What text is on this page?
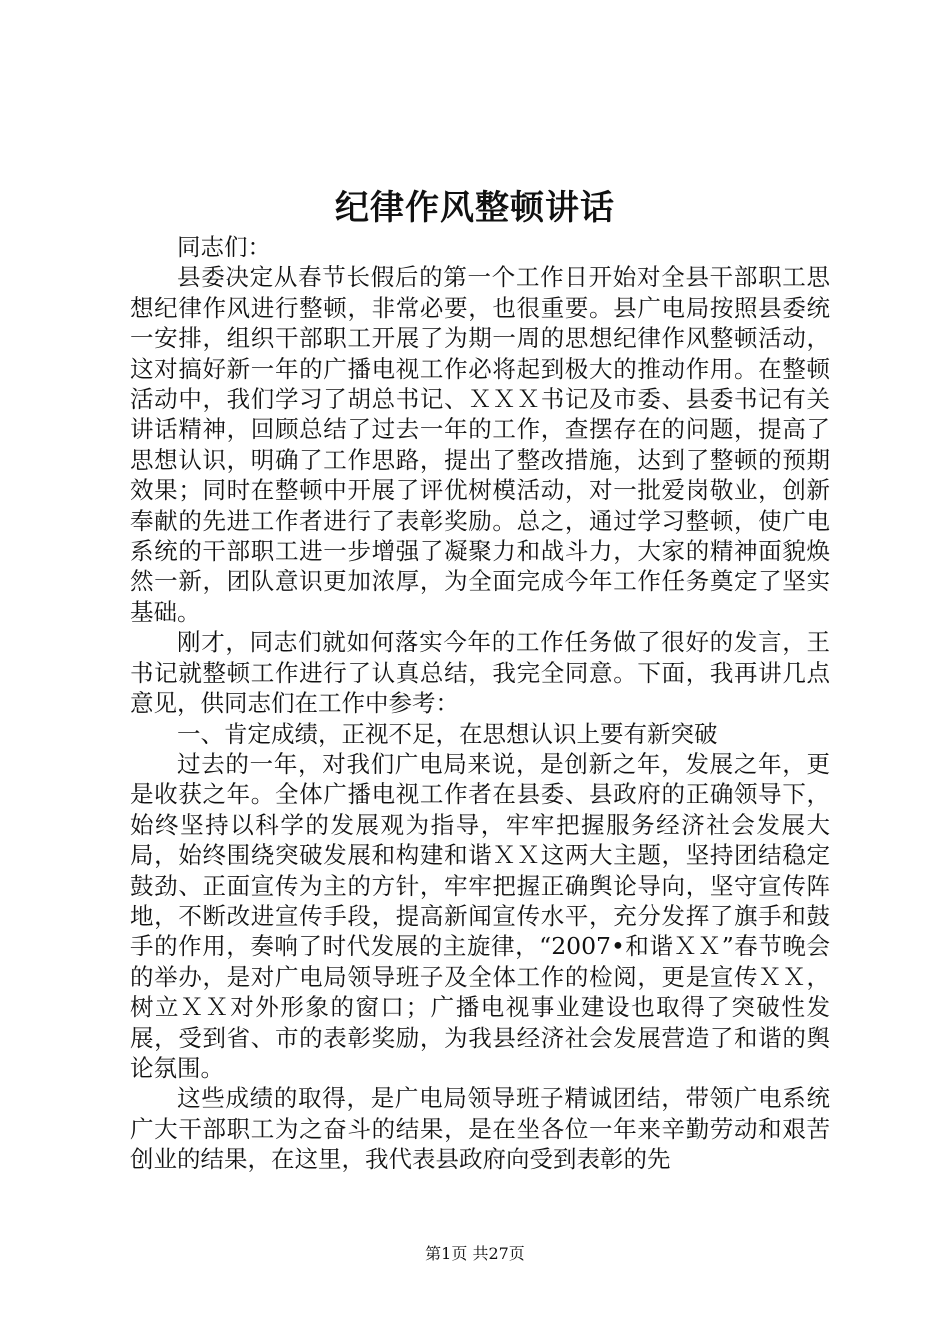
纪律作风整顿讲话

同志们：

县委决定从春节长假后的第一个工作日开始对全县干部职工思想纪律作风进行整顿，非常必要，也很重要。县广电局按照县委统一安排，组织干部职工开展了为期一周的思想纪律作风整顿活动，这对搞好新一年的广播电视工作必将起到极大的推动作用。在整顿活动中，我们学习了胡总书记、ＸＸＸ书记及市委、县委书记有关讲话精神，回顾总结了过去一年的工作，查摆存在的问题，提高了思想认识，明确了工作思路，提出了整改措施，达到了整顿的预期效果；同时在整顿中开展了评优树模活动，对一批爱岗敬业，创新奉献的先进工作者进行了表彰奖励。总之，通过学习整顿，使广电系统的干部职工进一步增强了凝聚力和战斗力，大家的精神面貌焕然一新，团队意识更加浓厚，为全面完成今年工作任务奠定了坚实基础。

刚才，同志们就如何落实今年的工作任务做了很好的发言，王书记就整顿工作进行了认真总结，我完全同意。下面，我再讲几点意见，供同志们在工作中参考：

一、肯定成绩，正视不足，在思想认识上要有新突破

过去的一年，对我们广电局来说，是创新之年，发展之年，更是收获之年。全体广播电视工作者在县委、县政府的正确领导下，始终坚持以科学的发展观为指导，牢牢把握服务经济社会发展大局，始终围绕突破发展和构建和谐ＸＸ这两大主题，坚持团结稳定鼓劲、正面宣传为主的方针，牢牢把握正确舆论导向，坚守宣传阵地，不断改进宣传手段，提高新闻宣传水平，充分发挥了旗手和鼓手的作用，奏响了时代发展的主旋律，“2007•和谐ＸＸ”春节晚会的举办，是对广电局领导班子及全体工作的检阅，更是宣传ＸＸ，树立ＸＸ对外形象的窗口；广播电视事业建设也取得了突破性发展，受到省、市的表彰奖励，为我县经济社会发展营造了和谐的舆论氛围。

这些成绩的取得，是广电局领导班子精诚团结，带领广电系统广大干部职工为之奋斗的结果，是在坐各位一年来辛勤劳动和艰苦创业的结果，在这里，我代表县政府向受到表彰的先

第1页 共27页
